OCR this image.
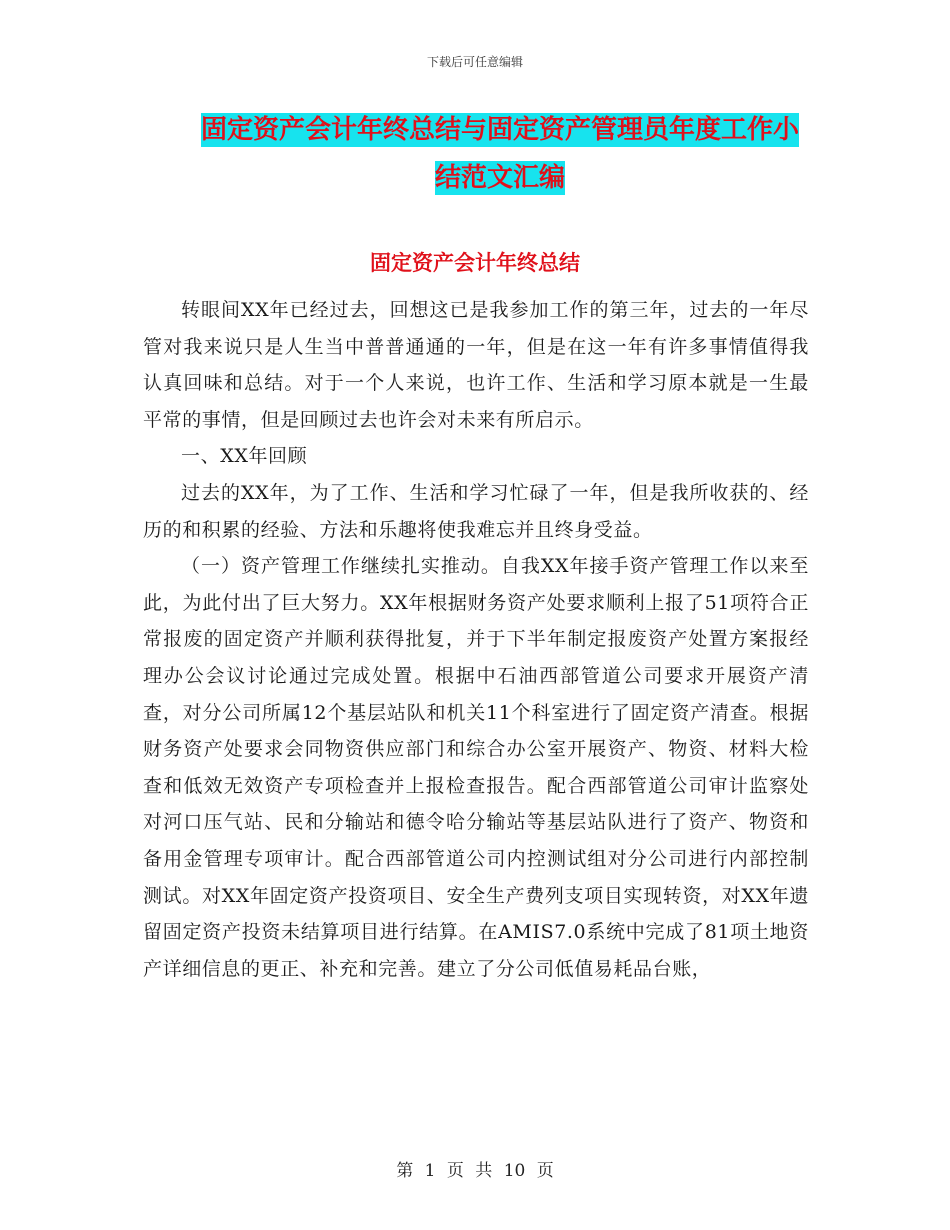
下载后可任意编辑
固定资产会计年终总结与固定资产管理员年度工作小
结范文汇编
固定资产会计年终总结

转眼间XX年已经过去，回想这已是我参加工作的第三年，过去的一年尽管对我来说只是人生当中普普通通的一年，但是在这一年有许多事情值得我认真回味和总结。对于一个人来说，也许工作、生活和学习原本就是一生最平常的事情，但是回顾过去也许会对未来有所启示。

一、XX年回顾

过去的XX年，为了工作、生活和学习忙碌了一年，但是我所收获的、经历的和积累的经验、方法和乐趣将使我难忘并且终身受益。

（一）资产管理工作继续扎实推动。自我XX年接手资产管理工作以来至此，为此付出了巨大努力。XX年根据财务资产处要求顺利上报了51项符合正常报废的固定资产并顺利获得批复，并于下半年制定报废资产处置方案报经理办公会议讨论通过完成处置。根据中石油西部管道公司要求开展资产清查，对分公司所属12个基层站队和机关11个科室进行了固定资产清查。根据财务资产处要求会同物资供应部门和综合办公室开展资产、物资、材料大检查和低效无效资产专项检查并上报检查报告。配合西部管道公司审计监察处对河口压气站、民和分输站和德令哈分输站等基层站队进行了资产、物资和备用金管理专项审计。配合西部管道公司内控测试组对分公司进行内部控制测试。对XX年固定资产投资项目、安全生产费列支项目实现转资，对XX年遗留固定资产投资未结算项目进行结算。在AMIS7.0系统中完成了81项土地资产详细信息的更正、补充和完善。建立了分公司低值易耗品台账，

第 1 页 共 10 页
